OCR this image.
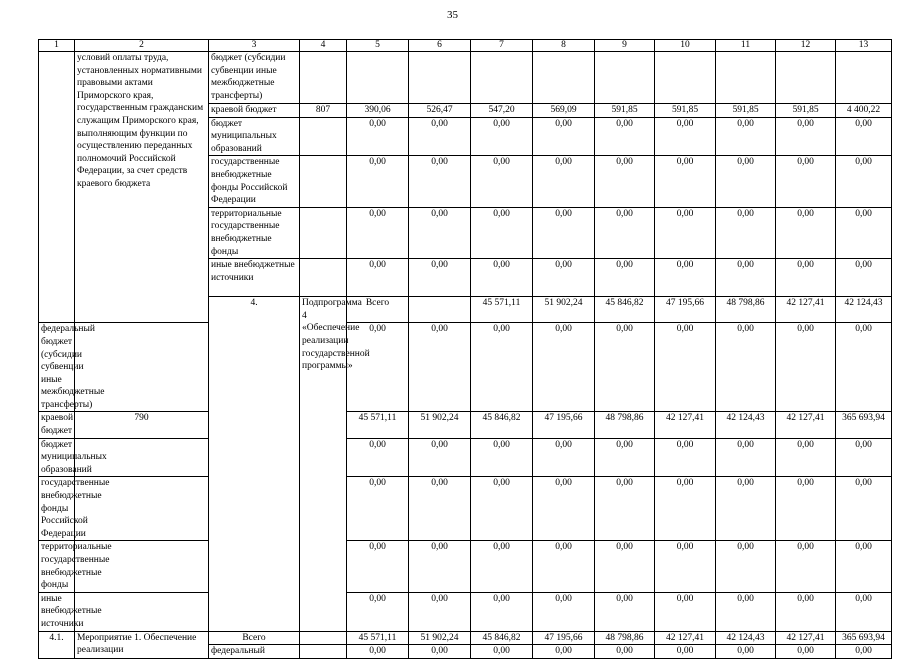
35
1	2	3	4	5	6	7	8	9	10	11	12	13	
	условий оплаты труда, установленных нормативными правовыми актами Приморского края, государственным гражданским служащим Приморского края, выполняющим функции по осуществлению переданных полномочий Российской Федерации, за счет средств краевого бюджета	бюджет (субсидии субвенции иные межбюджетные трансферты)											
		краевой бюджет	807	390,06	526,47	547,20	569,09	591,85	591,85	591,85	591,85	4 400,22	
		бюджет муниципальных образований		0,00	0,00	0,00	0,00	0,00	0,00	0,00	0,00	0,00	
		государственные внебюджетные фонды Российской Федерации		0,00	0,00	0,00	0,00	0,00	0,00	0,00	0,00	0,00	
		территориальные государственные внебюджетные фонды		0,00	0,00	0,00	0,00	0,00	0,00	0,00	0,00	0,00	
		иные внебюджетные источники		0,00	0,00	0,00	0,00	0,00	0,00	0,00	0,00	0,00	
		4.	Подпрограмма 4 «Обеспечение реализации государственной программы»	Всего		45 571,11	51 902,24	45 846,82	47 195,66	48 798,86	42 127,41	42 124,43		
федеральный бюджет (субсидии субвенции иные межбюджетные трансферты)				0,00	0,00	0,00	0,00	0,00	0,00	0,00	0,00	0,00	
краевой бюджет	790			45 571,11	51 902,24	45 846,82	47 195,66	48 798,86	42 127,41	42 124,43	42 127,41	365 693,94	
бюджет муниципальных образований				0,00	0,00	0,00	0,00	0,00	0,00	0,00	0,00	0,00	
государственные внебюджетные фонды Российской Федерации				0,00	0,00	0,00	0,00	0,00	0,00	0,00	0,00	0,00	
территориальные государственные внебюджетные фонды				0,00	0,00	0,00	0,00	0,00	0,00	0,00	0,00	0,00	
иные внебюджетные источники				0,00	0,00	0,00	0,00	0,00	0,00	0,00	0,00	0,00	
4.1.	Мероприятие 1. Обеспечение реализации	Всего		45 571,11	51 902,24	45 846,82	47 195,66	48 798,86	42 127,41	42 124,43	42 127,41	365 693,94	
		федеральный		0,00	0,00	0,00	0,00	0,00	0,00	0,00	0,00	0,00	
